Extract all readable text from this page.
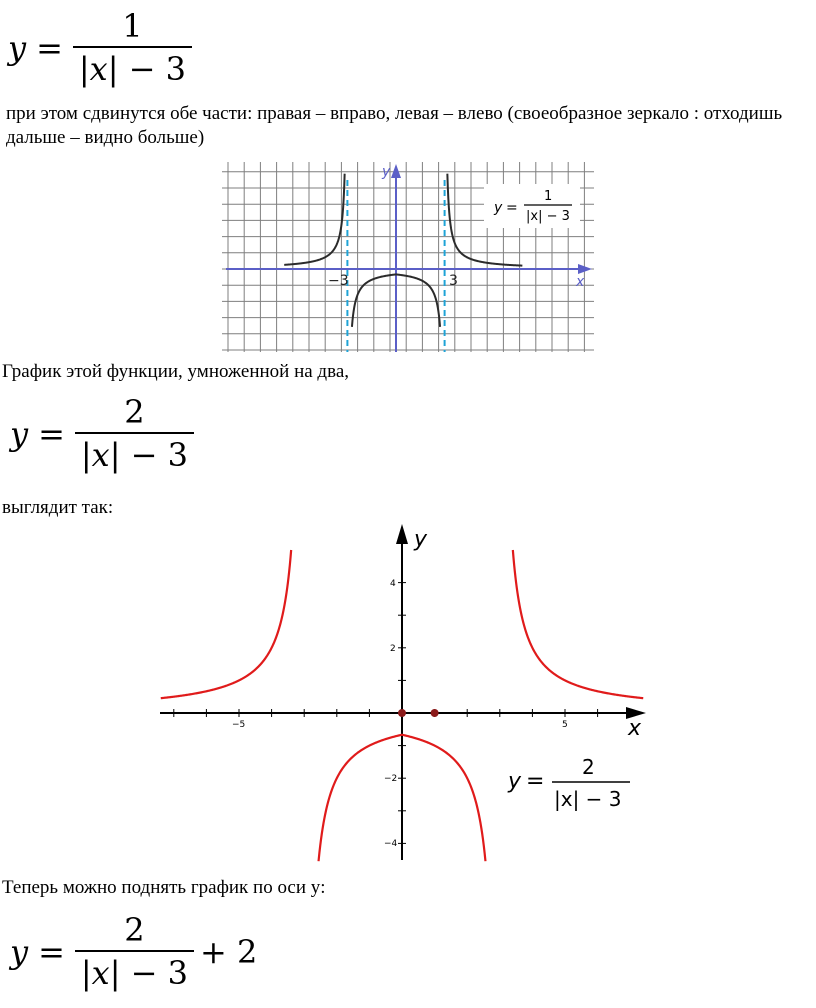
$y = \frac{1}{|x| - 3}$
при этом сдвинутся обе части: правая – вправо, левая – влево (своеобразное зеркало : отходишь дальше – видно больше)
x
y
−3	3
y =
1
|x| − 3
График этой функции, умноженной на два,
$y = \frac{2}{|x| - 3}$
выглядит так:
x
y
−5	5
4
2
−2
−4
y =
2
|x| − 3
Теперь можно поднять график по оси y:
$y = \frac{2}{|x| - 3} + 2$
